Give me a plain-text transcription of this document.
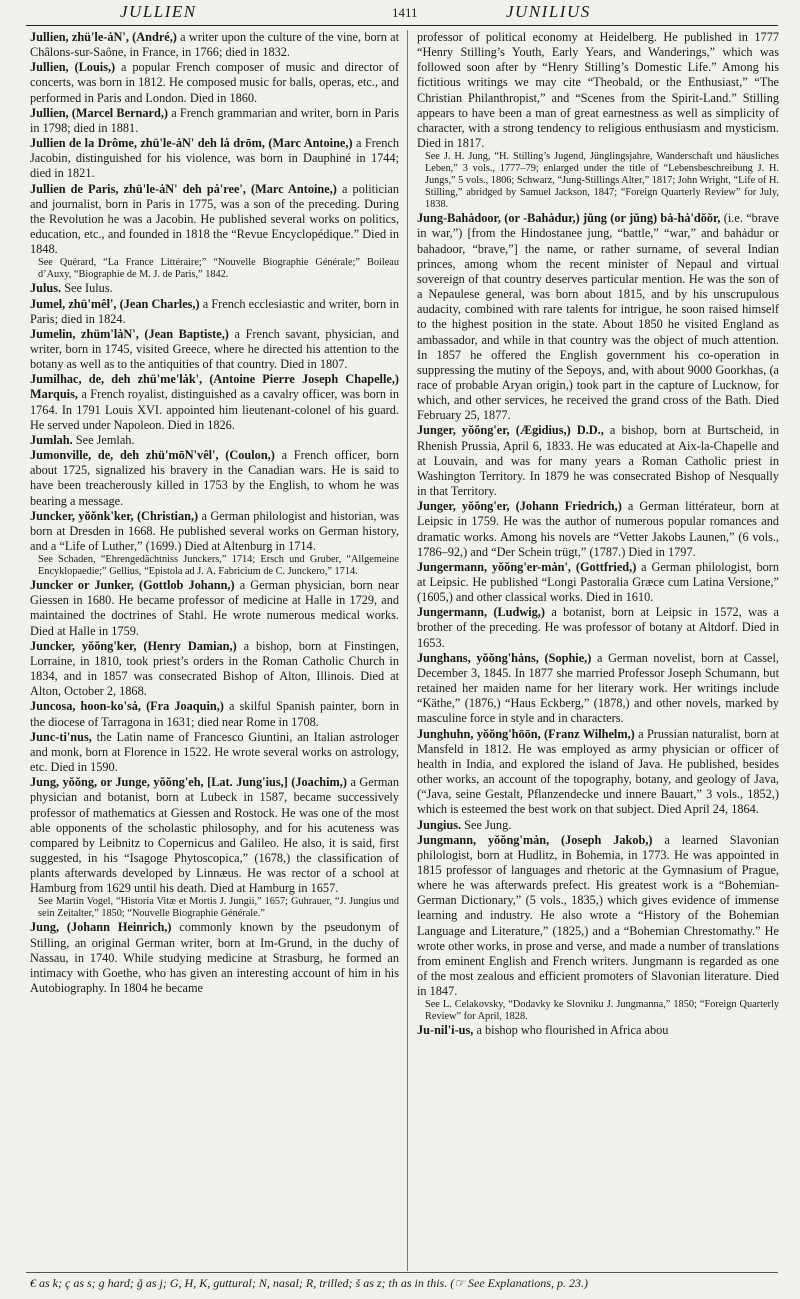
JULLIEN	1411	JUNILIUS

Jullien, zhü'le-ȧN', (André,) a writer upon the culture of the vine, born at Châlons-sur-Saône, in France, in 1766; died in 1832.

Jullien, (Louis,) a popular French composer of music and director of concerts, was born in 1812. He composed music for balls, operas, etc., and performed in Paris and London. Died in 1860.

Jullien, (Marcel Bernard,) a French grammarian and writer, born in Paris in 1798; died in 1881.

Jullien de la Drôme, zhü'le-ȧN' deh lȧ drōm, (Marc Antoine,) a French Jacobin, distinguished for his violence, was born in Dauphiné in 1744; died in 1821.

Jullien de Paris, zhü'le-ȧN' deh pȧ'ree', (Marc Antoine,) a politician and journalist, born in Paris in 1775, was a son of the preceding. During the Revolution he was a Jacobin. He published several works on politics, education, etc., and founded in 1818 the “Revue Encyclopédique.” Died in 1848.

See Quérard, “La France Littéraire;” “Nouvelle Biographie Générale;” Boileau d’Auxy, “Biographie de M. J. de Paris,” 1842.

Julus. See Iulus.

Jumel, zhü'mêl', (Jean Charles,) a French ecclesiastic and writer, born in Paris; died in 1824.

Jumelin, zhüm'lȧN', (Jean Baptiste,) a French savant, physician, and writer, born in 1745, visited Greece, where he directed his attention to the botany as well as to the antiquities of that country. Died in 1807.

Jumilhac, de, deh zhü'me'lȧk', (Antoine Pierre Joseph Chapelle,) Marquis, a French royalist, distinguished as a cavalry officer, was born in 1764. In 1791 Louis XVI. appointed him lieutenant-colonel of his guard. He served under Napoleon. Died in 1826.

Jumlah. See Jemlah.

Jumonville, de, deh zhü'mōN'vêl', (Coulon,) a French officer, born about 1725, signalized his bravery in the Canadian wars. He is said to have been treacherously killed in 1753 by the English, to whom he was bearing a message.

Juncker, yŏŏnk'ker, (Christian,) a German philologist and historian, was born at Dresden in 1668. He published several works on German history, and a “Life of Luther,” (1699.) Died at Altenburg in 1714.

See Schaden, “Ehrengedächtniss Junckers,” 1714; Ersch und Gruber, “Allgemeine Encyklopaedie;” Gellius, “Epistola ad J. A. Fabricium de C. Junckero,” 1714.

Juncker or Junker, (Gottlob Johann,) a German physician, born near Giessen in 1680. He became professor of medicine at Halle in 1729, and maintained the doctrines of Stahl. He wrote numerous medical works. Died at Halle in 1759.

Juncker, yŏŏng'ker, (Henry Damian,) a bishop, born at Finstingen, Lorraine, in 1810, took priest’s orders in the Roman Catholic Church in 1834, and in 1857 was consecrated Bishop of Alton, Illinois. Died at Alton, October 2, 1868.

Juncosa, hoon-ko'sȧ, (Fra Joaquin,) a skilful Spanish painter, born in the diocese of Tarragona in 1631; died near Rome in 1708.

Junc-ti'nus, the Latin name of Francesco Giuntini, an Italian astrologer and monk, born at Florence in 1522. He wrote several works on astrology, etc. Died in 1590.

Jung, yŏŏng, or Junge, yŏŏng'eh, [Lat. Jung'ius,] (Joachim,) a German physician and botanist, born at Lubeck in 1587, became successively professor of mathematics at Giessen and Rostock. He was one of the most able opponents of the scholastic philosophy, and for his acuteness was compared by Leibnitz to Copernicus and Galileo. He also, it is said, first suggested, in his “Isagoge Phytoscopica,” (1678,) the classification of plants afterwards developed by Linnæus. He was rector of a school at Hamburg from 1629 until his death. Died at Hamburg in 1657.

See Martin Vogel, “Historia Vitæ et Mortis J. Jungii,” 1657; Guhrauer, “J. Jungius und sein Zeitalter,” 1850; “Nouvelle Biographie Générale.”

Jung, (Johann Heinrich,) commonly known by the pseudonym of Stilling, an original German writer, born at Im-Grund, in the duchy of Nassau, in 1740. While studying medicine at Strasburg, he formed an intimacy with Goethe, who has given an interesting account of him in his Autobiography. In 1804 he became

professor of political economy at Heidelberg. He published in 1777 “Henry Stilling’s Youth, Early Years, and Wanderings,” which was followed soon after by “Henry Stilling’s Domestic Life.” Among his fictitious writings we may cite “Theobald, or the Enthusiast,” “The Christian Philanthropist,” and “Scenes from the Spirit-Land.” Stilling appears to have been a man of great earnestness as well as simplicity of character, with a strong tendency to religious enthusiasm and mysticism. Died in 1817.

See J. H. Jung, “H. Stilling’s Jugend, Jünglingsjahre, Wanderschaft und häusliches Leben,” 3 vols., 1777–79; enlarged under the title of “Lebensbeschreibung J. H. Jungs,” 5 vols., 1806; Schwarz, “Jung-Stillings Alter,” 1817; John Wright, “Life of H. Stilling,” abridged by Samuel Jackson, 1847; “Foreign Quarterly Review” for July, 1838.

Jung-Bahȧdoor, (or -Bahȧdur,) jŭng (or jŭng) bȧ-hȧ'dŏŏr, (i.e. “brave in war,”) [from the Hindostanee jung, “battle,” “war,” and bahȧdur or bahadoor, “brave,”] the name, or rather surname, of several Indian princes, among whom the recent minister of Nepaul and virtual sovereign of that country deserves particular mention. He was the son of a Nepaulese general, was born about 1815, and by his unscrupulous audacity, combined with rare talents for intrigue, he soon raised himself to the highest position in the state. About 1850 he visited England as ambassador, and while in that country was the object of much attention. In 1857 he offered the English government his co-operation in suppressing the mutiny of the Sepoys, and, with about 9000 Goorkhas, (a race of probable Aryan origin,) took part in the capture of Lucknow, for which, and other services, he received the grand cross of the Bath. Died February 25, 1877.

Junger, yŏŏng'er, (Ægidius,) D.D., a bishop, born at Burtscheid, in Rhenish Prussia, April 6, 1833. He was educated at Aix-la-Chapelle and at Louvain, and was for many years a Roman Catholic priest in Washington Territory. In 1879 he was consecrated Bishop of Nesqually in that Territory.

Junger, yŏŏng'er, (Johann Friedrich,) a German littérateur, born at Leipsic in 1759. He was the author of numerous popular romances and dramatic works. Among his novels are “Vetter Jakobs Launen,” (6 vols., 1786–92,) and “Der Schein trügt,” (1787.) Died in 1797.

Jungermann, yŏŏng'er-mȧn', (Gottfried,) a German philologist, born at Leipsic. He published “Longi Pastoralia Græce cum Latina Versione,” (1605,) and other classical works. Died in 1610.

Jungermann, (Ludwig,) a botanist, born at Leipsic in 1572, was a brother of the preceding. He was professor of botany at Altdorf. Died in 1653.

Junghans, yŏŏng'hȧns, (Sophie,) a German novelist, born at Cassel, December 3, 1845. In 1877 she married Professor Joseph Schumann, but retained her maiden name for her literary work. Her writings include “Käthe,” (1876,) “Haus Eckberg,” (1878,) and other novels, marked by masculine force in style and in characters.

Junghuhn, yŏŏng'hōōn, (Franz Wilhelm,) a Prussian naturalist, born at Mansfeld in 1812. He was employed as army physician or officer of health in India, and explored the island of Java. He published, besides other works, an account of the topography, botany, and geology of Java, (“Java, seine Gestalt, Pflanzendecke und innere Bauart,” 3 vols., 1852,) which is esteemed the best work on that subject. Died April 24, 1864.

Jungius. See Jung.

Jungmann, yŏŏng'mȧn, (Joseph Jakob,) a learned Slavonian philologist, born at Hudlitz, in Bohemia, in 1773. He was appointed in 1815 professor of languages and rhetoric at the Gymnasium of Prague, where he was afterwards prefect. His greatest work is a “Bohemian-German Dictionary,” (5 vols., 1835,) which gives evidence of immense learning and industry. He also wrote a “History of the Bohemian Language and Literature,” (1825,) and a “Bohemian Chrestomathy.” He wrote other works, in prose and verse, and made a number of translations from eminent English and French writers. Jungmann is regarded as one of the most zealous and efficient promoters of Slavonian literature. Died in 1847.

See L. Celakovsky, “Dodavky ke Slovniku J. Jungmanna,” 1850; “Foreign Quarterly Review” for April, 1828.

Ju-nil'i-us, a bishop who flourished in Africa abou

€ as k; ç as s; g hard; ǧ as j; G, H, K, guttural; N, nasal; R, trilled; š as z; th as in this. (☞ See Explanations, p. 23.)
